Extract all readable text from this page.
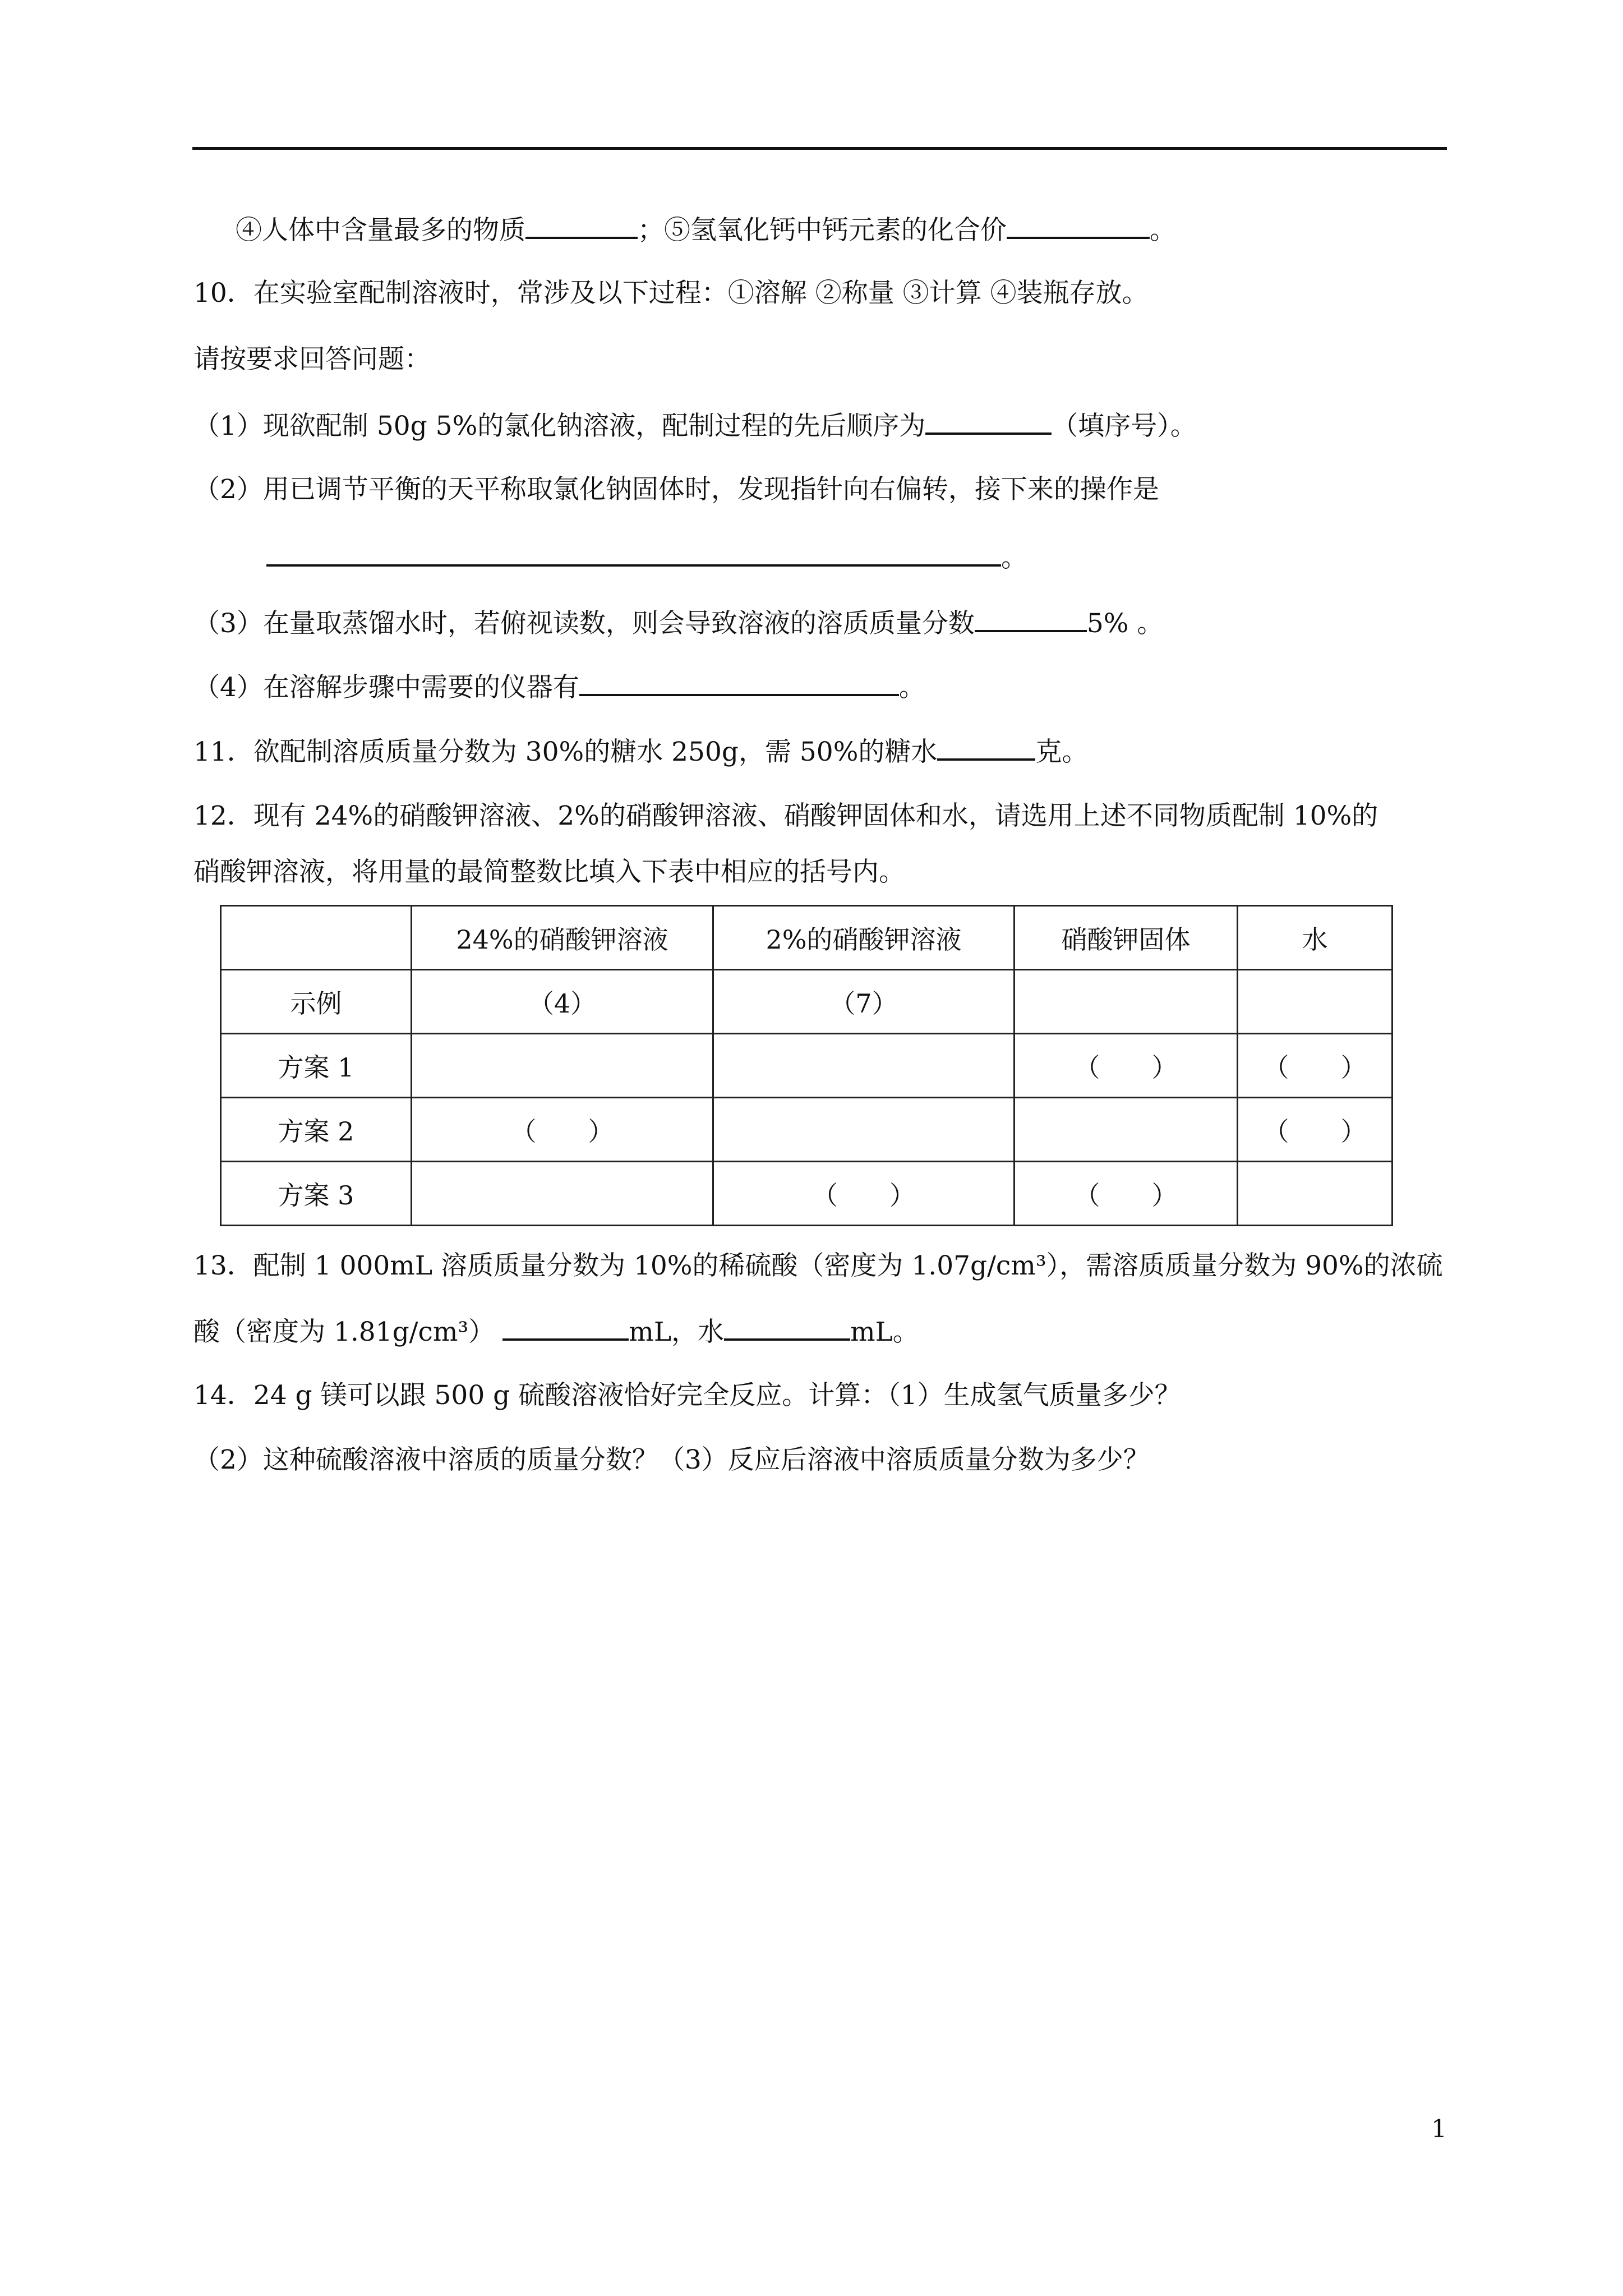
④人体中含量最多的物质	；⑤氢氧化钙中钙元素的化合价	。
10．在实验室配制溶液时，常涉及以下过程：①溶解 ②称量 ③计算 ④装瓶存放。
请按要求回答问题：
（1）现欲配制 50g 5%的氯化钠溶液，配制过程的先后顺序为	（填序号）。
（2）用已调节平衡的天平称取氯化钠固体时，发现指针向右偏转，接下来的操作是
。
（3）在量取蒸馏水时，若俯视读数，则会导致溶液的溶质质量分数	5% 。
（4）在溶解步骤中需要的仪器有	。
11．欲配制溶质质量分数为 30%的糖水 250g，需 50%的糖水	克。
12．现有 24%的硝酸钾溶液、2%的硝酸钾溶液、硝酸钾固体和水，请选用上述不同物质配制 10%的
硝酸钾溶液，将用量的最简整数比填入下表中相应的括号内。
	24%的硝酸钾溶液	2%的硝酸钾溶液	硝酸钾固体	水
示例	（4）	（7）		
方案 1			（　　）	（　　）
方案 2	（　　）			（　　）
方案 3		（　　）	（　　）	
13．配制 1 000mL 溶质质量分数为 10%的稀硫酸（密度为 1.07g/cm³），需溶质质量分数为 90%的浓硫
酸（密度为 1.81g/cm³）	mL，水	mL。
14．24 g 镁可以跟 500 g 硫酸溶液恰好完全反应。计算：（1）生成氢气质量多少？
（2）这种硫酸溶液中溶质的质量分数？（3）反应后溶液中溶质质量分数为多少？
1
